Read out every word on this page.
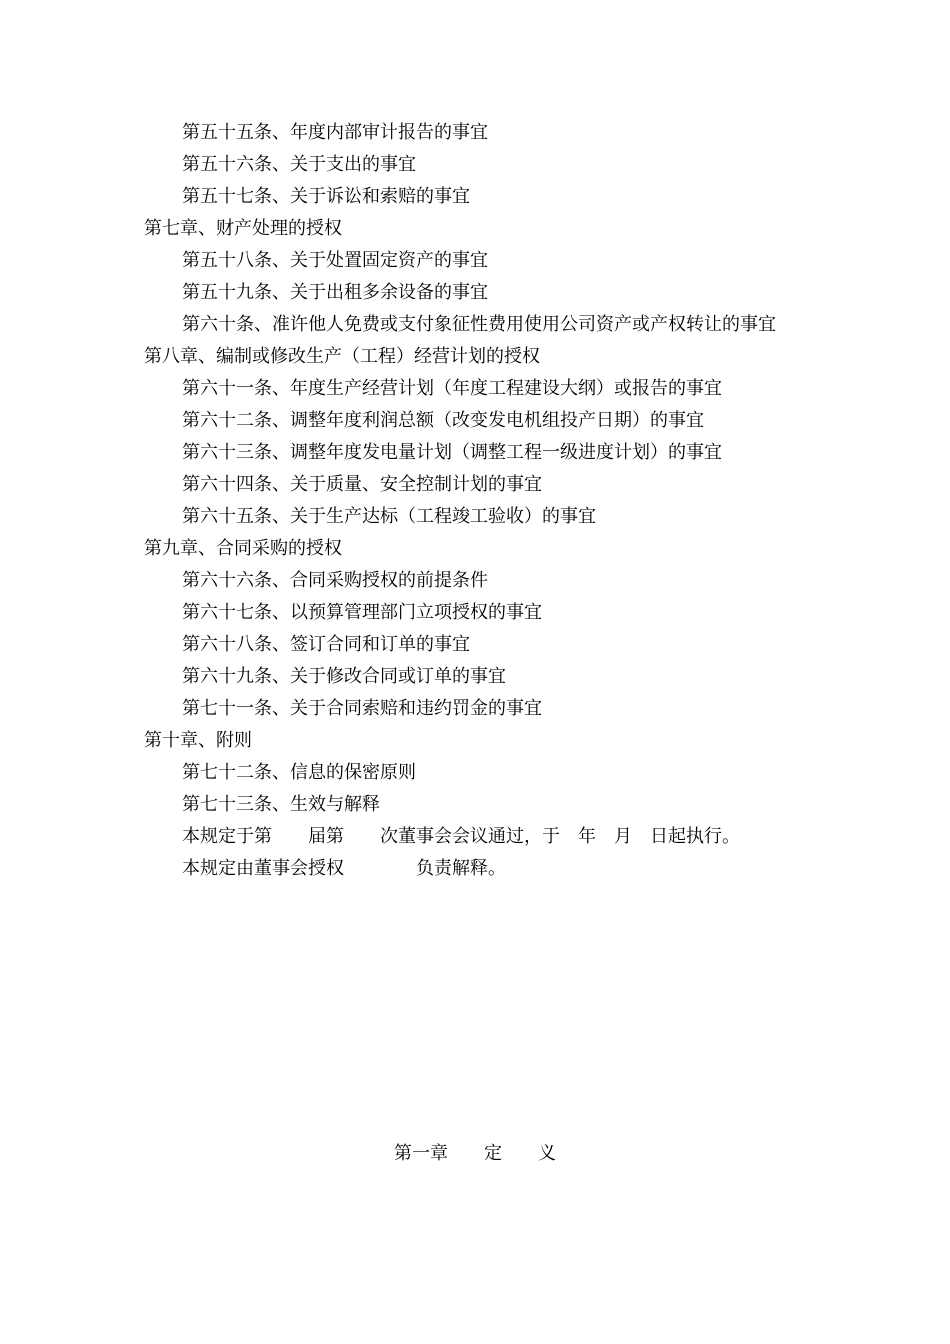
第五十五条、年度内部审计报告的事宜
第五十六条、关于支出的事宜
第五十七条、关于诉讼和索赔的事宜
第七章、财产处理的授权
第五十八条、关于处置固定资产的事宜
第五十九条、关于出租多余设备的事宜
第六十条、准许他人免费或支付象征性费用使用公司资产或产权转让的事宜
第八章、编制或修改生产（工程）经营计划的授权
第六十一条、年度生产经营计划（年度工程建设大纲）或报告的事宜
第六十二条、调整年度利润总额（改变发电机组投产日期）的事宜
第六十三条、调整年度发电量计划（调整工程一级进度计划）的事宜
第六十四条、关于质量、安全控制计划的事宜
第六十五条、关于生产达标（工程竣工验收）的事宜
第九章、合同采购的授权
第六十六条、合同采购授权的前提条件
第六十七条、以预算管理部门立项授权的事宜
第六十八条、签订合同和订单的事宜
第六十九条、关于修改合同或订单的事宜
第七十一条、关于合同索赔和违约罚金的事宜
第十章、附则
第七十二条、信息的保密原则
第七十三条、生效与解释
本规定于第　　届第　　次董事会会议通过，于　年　月　日起执行。
本规定由董事会授权　　　　负责解释。
第一章　　定　　义
